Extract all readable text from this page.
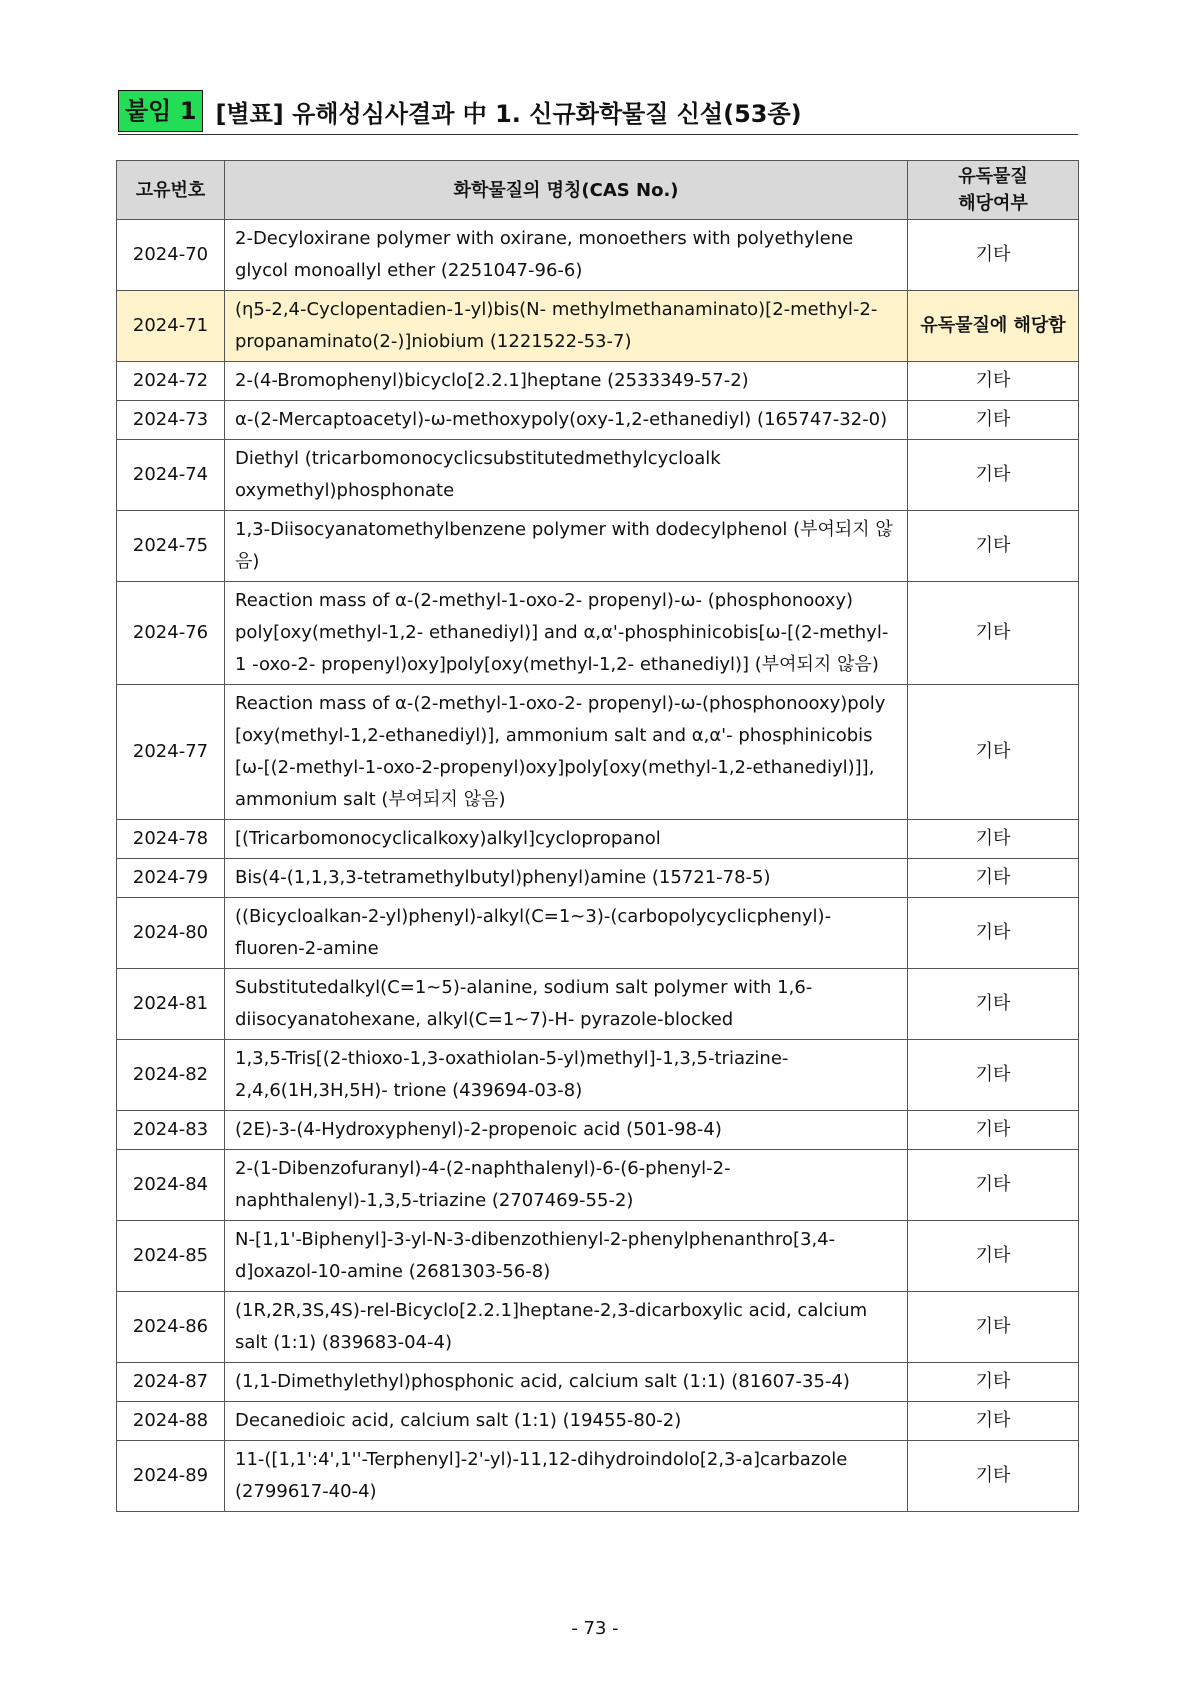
붙임 1 [별표] 유해성심사결과 中 1. 신규화학물질 신설(53종)
고유번호	화학물질의 명칭(CAS No.)	유독물질
해당여부
2024-70	2-Decyloxirane polymer with oxirane, monoethers with polyethylene glycol monoallyl ether (2251047-96-6)	기타
2024-71	(η5-2,4-Cyclopentadien-1-yl)bis(N- methylmethanaminato)[2-methyl-2-propanaminato(2-)]niobium (1221522-53-7)	유독물질에 해당함
2024-72	2-(4-Bromophenyl)bicyclo[2.2.1]heptane (2533349-57-2)	기타
2024-73	α-(2-Mercaptoacetyl)-ω-methoxypoly(oxy-1,2-ethanediyl) (165747-32-0)	기타
2024-74	Diethyl (tricarbomonocyclicsubstitutedmethylcycloalk oxymethyl)phosphonate	기타
2024-75	1,3-Diisocyanatomethylbenzene polymer with dodecylphenol (부여되지 않음)	기타
2024-76	Reaction mass of α-(2-methyl-1-oxo-2- propenyl)-ω- (phosphonooxy) poly[oxy(methyl-1,2- ethanediyl)] and α,α'-phosphinicobis[ω-[(2-methyl-1 -oxo-2- propenyl)oxy]poly[oxy(methyl-1,2- ethanediyl)] (부여되지 않음)	기타
2024-77	Reaction mass of α-(2-methyl-1-oxo-2- propenyl)-ω-(phosphonooxy)poly [oxy(methyl-1,2-ethanediyl)], ammonium salt and α,α'- phosphinicobis [ω-[(2-methyl-1-oxo-2-propenyl)oxy]poly[oxy(methyl-1,2-ethanediyl)]], ammonium salt (부여되지 않음)	기타
2024-78	[(Tricarbomonocyclicalkoxy)alkyl]cyclopropanol	기타
2024-79	Bis(4-(1,1,3,3-tetramethylbutyl)phenyl)amine (15721-78-5)	기타
2024-80	((Bicycloalkan-2-yl)phenyl)-alkyl(C=1~3)-(carbopolycyclicphenyl)-fluoren-2-amine	기타
2024-81	Substitutedalkyl(C=1~5)-alanine, sodium salt polymer with 1,6-diisocyanatohexane, alkyl(C=1~7)-H- pyrazole-blocked	기타
2024-82	1,3,5-Tris[(2-thioxo-1,3-oxathiolan-5-yl)methyl]-1,3,5-triazine-2,4,6(1H,3H,5H)- trione (439694-03-8)	기타
2024-83	(2E)-3-(4-Hydroxyphenyl)-2-propenoic acid (501-98-4)	기타
2024-84	2-(1-Dibenzofuranyl)-4-(2-naphthalenyl)-6-(6-phenyl-2-naphthalenyl)-1,3,5-triazine (2707469-55-2)	기타
2024-85	N-[1,1'-Biphenyl]-3-yl-N-3-dibenzothienyl-2-phenylphenanthro[3,4-d]oxazol-10-amine (2681303-56-8)	기타
2024-86	(1R,2R,3S,4S)-rel-Bicyclo[2.2.1]heptane-2,3-dicarboxylic acid, calcium salt (1:1) (839683-04-4)	기타
2024-87	(1,1-Dimethylethyl)phosphonic acid, calcium salt (1:1) (81607-35-4)	기타
2024-88	Decanedioic acid, calcium salt (1:1) (19455-80-2)	기타
2024-89	11-([1,1':4',1''-Terphenyl]-2'-yl)-11,12-dihydroindolo[2,3-a]carbazole (2799617-40-4)	기타
- 73 -
